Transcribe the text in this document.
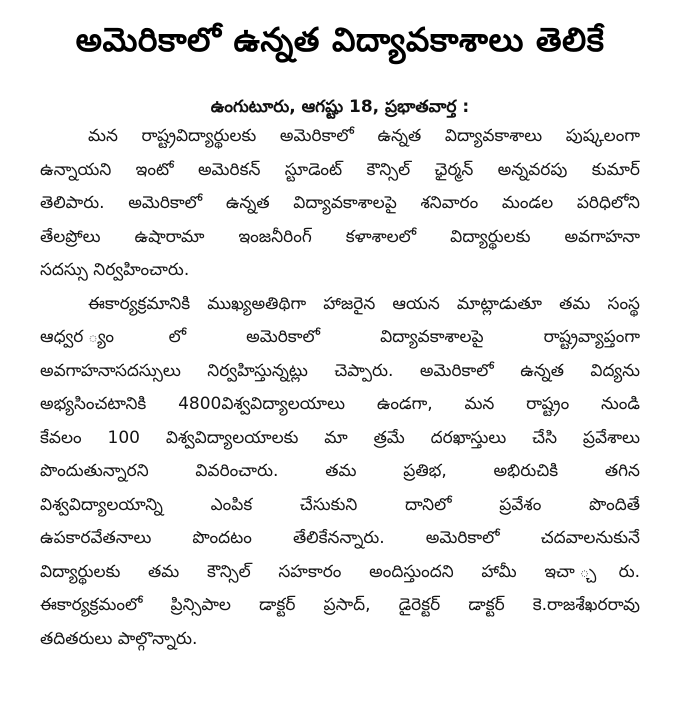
అమెరికాలో ఉన్నత విద్యావకాశాలు తెలికే
ఉంగుటూరు, ఆగష్టు 18, ప్రభాతవార్త :

మన రాష్ట్రవిద్యార్థులకు అమెరికాలో ఉన్నత విద్యావకాశాలు పుష్కలంగా
ఉన్నాయని ఇంటో అమెరికన్ స్టూడెంట్ కౌన్సిల్ ఛైర్మన్ అన్నవరపు కుమార్
తెలిపారు. అమెరికాలో ఉన్నత విద్యావకాశాలపై శనివారం మండల పరిధిలోని
తేలప్రోలు ఉషారామా ఇంజనీరింగ్ కళాశాలలో విద్యార్థులకు అవగాహనా
సదస్సు నిర్వహించారు.

ఈకార్యక్రమానికి ముఖ్యఅతిథిగా హాజరైన ఆయన మాట్లాడుతూ తమ సంస్థ
ఆధ్వర ్యంలో అమెరికాలో విద్యావకాశాలపై రాష్ట్రవ్యాప్తంగా
అవగాహనాసదస్సులు నిర్వహిస్తున్నట్లు చెప్పారు. అమెరికాలో ఉన్నత విద్యను
అభ్యసించటానికి 4800విశ్వవిద్యాలయాలు ఉండగా, మన రాష్ట్రం నుండి
కేవలం 100 విశ్వవిద్యాలయాలకు మా త్రమే దరఖాస్తులు చేసి ప్రవేశాలు
పొందుతున్నారని వివరించారు. తమ ప్రతిభ, అభిరుచికి తగిన
విశ్వవిద్యాలయాన్ని ఎంపిక చేసుకుని దానిలో ప్రవేశం పొందితే
ఉపకారవేతనాలు పొందటం తేలికేనన్నారు. అమెరికాలో చదవాలనుకునే
విద్యార్థులకు తమ కౌన్సిల్ సహకారం అందిస్తుందని హామీ ఇచా ్చరు.
ఈకార్యక్రమంలో ప్రిన్సిపాల డాక్టర్ ప్రసాద్, డైరెక్టర్ డాక్టర్ కె.రాజశేఖరరావు
తదితరులు పాల్గొన్నారు.
